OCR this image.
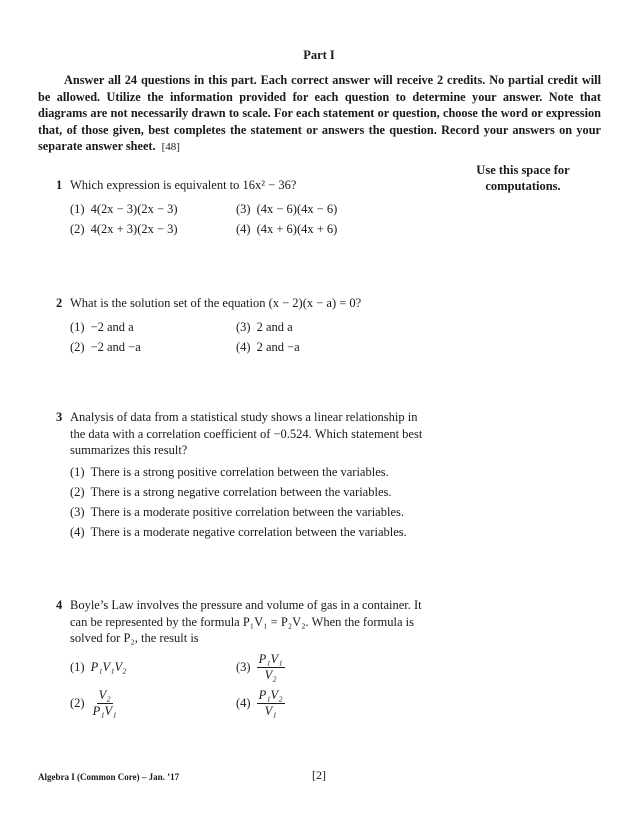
Part I
Answer all 24 questions in this part. Each correct answer will receive 2 credits. No partial credit will be allowed. Utilize the information provided for each question to determine your answer. Note that diagrams are not necessarily drawn to scale. For each statement or question, choose the word or expression that, of those given, best completes the statement or answers the question. Record your answers on your separate answer sheet. [48]
Use this space for
computations.
1 Which expression is equivalent to 16x² − 36?
(1) 4(2x − 3)(2x − 3)	(3) (4x − 6)(4x − 6)
(2) 4(2x + 3)(2x − 3)	(4) (4x + 6)(4x + 6)
2 What is the solution set of the equation (x − 2)(x − a) = 0?
(1) −2 and a	(3) 2 and a
(2) −2 and −a	(4) 2 and −a
3 Analysis of data from a statistical study shows a linear relationship in the data with a correlation coefficient of −0.524. Which statement best summarizes this result?
(1) There is a strong positive correlation between the variables.
(2) There is a strong negative correlation between the variables.
(3) There is a moderate positive correlation between the variables.
(4) There is a moderate negative correlation between the variables.
4 Boyle’s Law involves the pressure and volume of gas in a container. It can be represented by the formula P₁V₁ = P₂V₂. When the formula is solved for P₂, the result is
(1) P₁V₁V₂	$(3) \frac{\text{P₁V₁}}{\text{V₂}}$
$(2) \frac{\text{V₂}}{\text{P₁V₁}}$	$(4) \frac{\text{P₁V₂}}{\text{V₁}}$
Algebra I (Common Core) – Jan. ’17	[2]
